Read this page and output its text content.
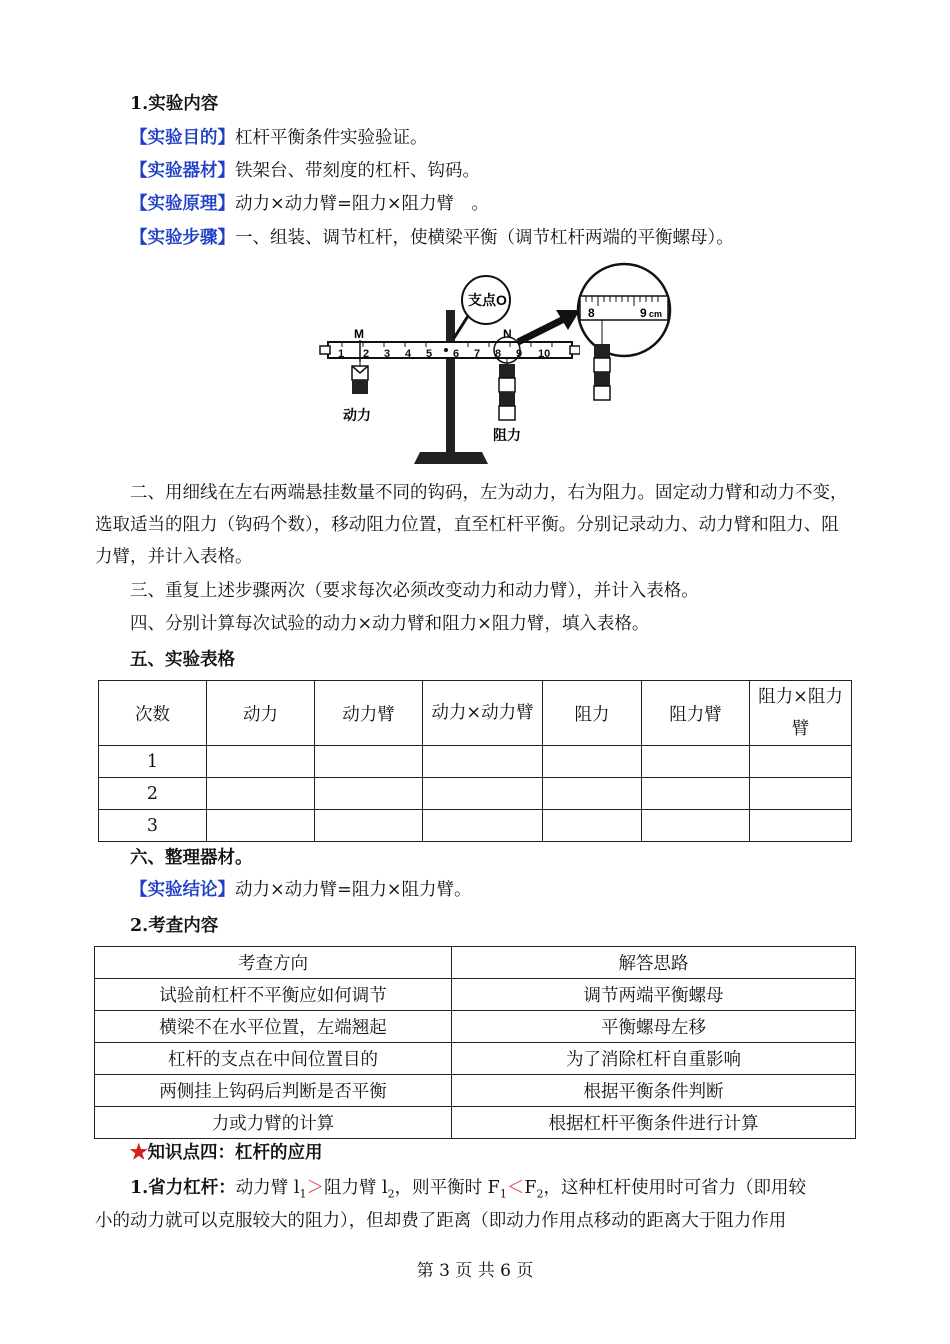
1.实验内容
【实验目的】杠杆平衡条件实验验证。
【实验器材】铁架台、带刻度的杠杆、钩码。
【实验原理】动力×动力臂=阻力×阻力臂　。
【实验步骤】一、组装、调节杠杆，使横梁平衡（调节杠杆两端的平衡螺母）。
1 2 3 4 5 6 7 8 9 10
M	N
支点O
动力
阻力
8	9 cm
二、用细线在左右两端悬挂数量不同的钩码，左为动力，右为阻力。固定动力臂和动力不变，选取适当的阻力（钩码个数），移动阻力位置，直至杠杆平衡。分别记录动力、动力臂和阻力、阻力臂，并计入表格。
三、重复上述步骤两次（要求每次必须改变动力和动力臂），并计入表格。
四、分别计算每次试验的动力×动力臂和阻力×阻力臂，填入表格。
五、实验表格
次数	动力	动力臂	动力×动力臂	阻力	阻力臂	阻力×阻力臂
1						
2						
3						
六、整理器材。
【实验结论】动力×动力臂=阻力×阻力臂。
2.考查内容
考查方向	解答思路
试验前杠杆不平衡应如何调节	调节两端平衡螺母
横梁不在水平位置，左端翘起	平衡螺母左移
杠杆的支点在中间位置目的	为了消除杠杆自重影响
两侧挂上钩码后判断是否平衡	根据平衡条件判断
力或力臂的计算	根据杠杆平衡条件进行计算
★知识点四：杠杆的应用
1.省力杠杆：动力臂 $l_1>$阻力臂 $l_2$，则平衡时 $F_1<F_2$，这种杠杆使用时可省力（即用较
小的动力就可以克服较大的阻力），但却费了距离（即动力作用点移动的距离大于阻力作用
第 3 页 共 6 页
